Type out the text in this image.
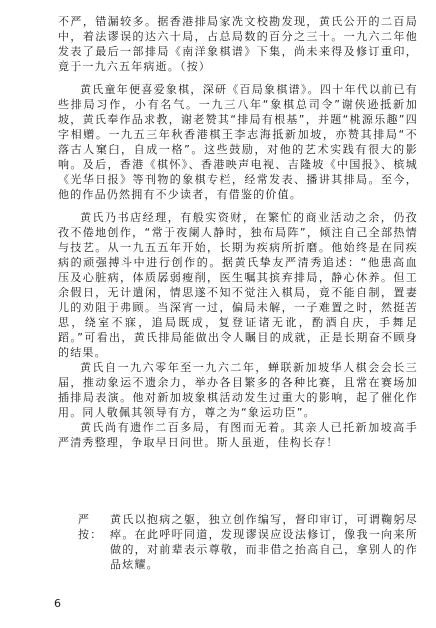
不严，错漏较多。据香港排局家冼文校勘发现，黄氏公开的二百局中，着法谬误的达六十局，占总局数的百分之三十。一九六二年他发表了最后一部排局《南洋象棋谱》下集，尚未来得及修订重印，竟于一九六五年病逝。（按）

黄氏童年便喜爱象棋，深研《百局象棋谱》。四十年代以前已有些排局习作，小有名气。一九三八年“象棋总司令”谢侠逊抵新加坡，黄氏奉作品求教，谢老赞其“排局有根基”，并题“桃源乐趣”四字相赠。一九五三年秋香港棋王李志海抵新加坡，亦赞其排局“不落古人窠臼，自成一格”。这些鼓励，对他的艺术实践有很大的影响。及后，香港《棋怀》、香港映声电视、吉隆坡《中国报》、槟城《光华日报》等刊物的象棋专栏，经常发表、播讲其排局。至今，他的作品仍然拥有不少读者，有借鉴的价值。

黄氏乃书店经理，有般实资财，在繁忙的商业活动之余，仍孜孜不倦地创作，“常于夜阑人静时，独布局阵”，倾注自己全部热情与技艺。从一九五五年开始，长期为疾病所折磨。他始终是在同疾病的顽强搏斗中进行创作的。据黄氏挚友严清秀追述：“他患高血压及心脏病，体质孱弱瘦削，医生嘱其摈弃排局，静心休养。但工余假日，无计遣闲，情思遂不知不觉注入棋局，竟不能自制，置妻儿的劝阻于弗顾。当深宵一过，偏局未解，一子难置之时，然挺苦思，绕室不寐，追局既成，复登证诸无讹，酌酒自庆，手舞足蹈。”可看出，黄氏排局能做出令人瞩目的成就，正是长期奋不顾身的结果。

黄氏自一九六零年至一九六二年，蝉联新加坡华人棋会会长三届，推动象运不遗余力，举办各目繁多的各种比赛，且常在赛场加插排局表演。他对新加坡象棋活动发生过重大的影响，起了催化作用。同人敬佩其领导有方，尊之为“象运功臣”。

黄氏尚有遗作二百多局，有图而无着。其亲人已托新加坡高手严清秀整理，争取早日问世。斯人虽逝，佳构长存！

严按：
黄氏以抱病之躯，独立创作编写，督印审订，可谓鞠躬尽瘁。在此呼吁同道，发现谬误应设法修订，像我一向来所做的，对前辈表示尊敬，而非借之抬高自己，拿别人的作品炫耀。
6
